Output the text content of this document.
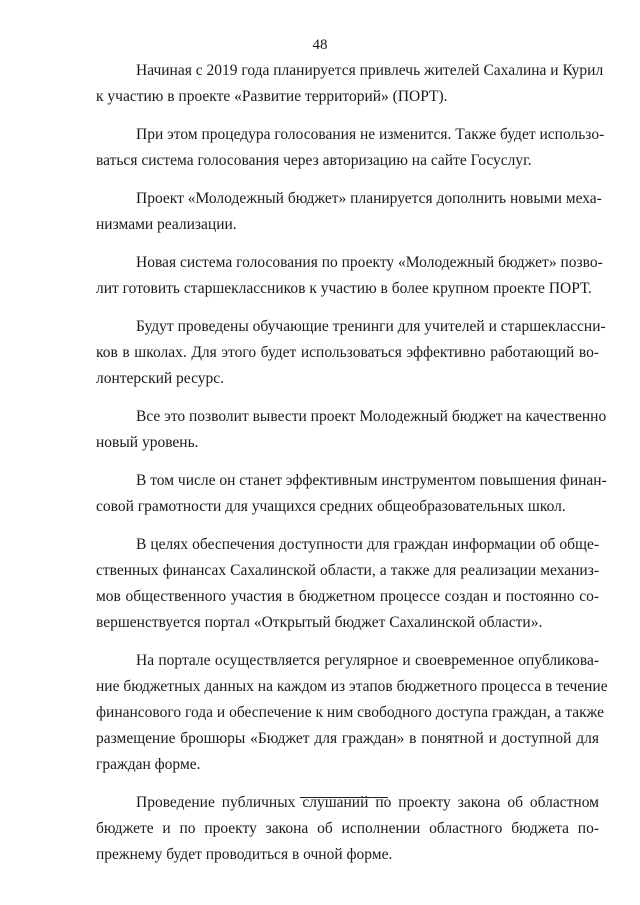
48

Начиная с 2019 года планируется привлечь жителей Сахалина и Курил
к участию в проекте «Развитие территорий» (ПОРТ).

При этом процедура голосования не изменится. Также будет использо-
ваться система голосования через авторизацию на сайте Госуслуг.

Проект «Молодежный бюджет» планируется дополнить новыми меха-
низмами реализации.

Новая система голосования по проекту «Молодежный бюджет» позво-
лит готовить старшеклассников к участию в более крупном проекте ПОРТ.

Будут проведены обучающие тренинги для учителей и старшеклассни-
ков в школах. Для этого будет использоваться эффективно работающий во-
лонтерский ресурс.

Все это позволит вывести проект Молодежный бюджет на качественно
новый уровень.

В том числе он станет эффективным инструментом повышения финан-
совой грамотности для учащихся средних общеобразовательных школ.

В целях обеспечения доступности для граждан информации об обще-
ственных финансах Сахалинской области, а также для реализации механиз-
мов общественного участия в бюджетном процессе создан и постоянно со-
вершенствуется портал «Открытый бюджет Сахалинской области».

На портале осуществляется регулярное и своевременное опубликова-
ние бюджетных данных на каждом из этапов бюджетного процесса в течение
финансового года и обеспечение к ним свободного доступа граждан, а также
размещение брошюры «Бюджет для граждан» в понятной и доступной для
граждан форме.

Проведение публичных слушаний по проекту закона об областном
бюджете и по проекту закона об исполнении областного бюджета по-
прежнему будет проводиться в очной форме.
